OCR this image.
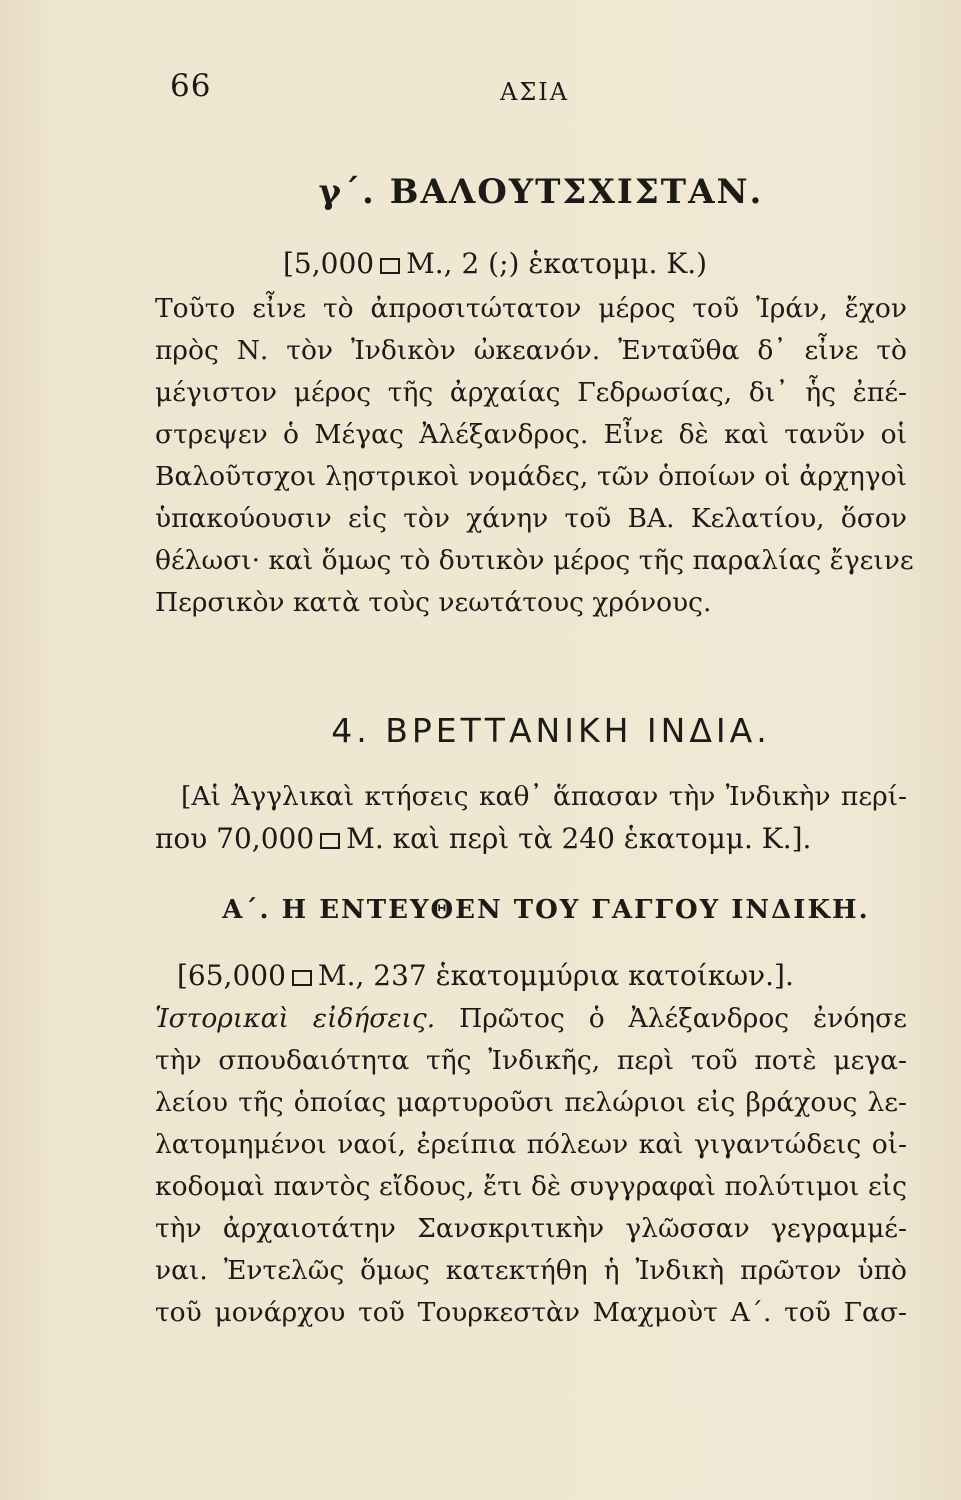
66	ΑΣΙΑ
γ΄. ΒΑΛΟΥΤΣΧΙΣΤΑΝ.
[5,000 Μ., 2 (;) ἑκατομμ. Κ.)
Τοῦτο εἶνε τὸ ἀπροσιτώτατον μέρος τοῦ Ἰράν, ἔχον
πρὸς Ν. τὸν Ἰνδικὸν ὠκεανόν. Ἐνταῦθα δ᾽ εἶνε τὸ
μέγιστον μέρος τῆς ἀρχαίας Γεδρωσίας, δι᾽ ἧς ἐπέ-
στρεψεν ὁ Μέγας Ἀλέξανδρος. Εἶνε δὲ καὶ τανῦν οἱ
Βαλοῦτσχοι λῃστρικοὶ νομάδες, τῶν ὁποίων οἱ ἀρχηγοὶ
ὑπακούουσιν εἰς τὸν χάνην τοῦ ΒΑ. Κελατίου, ὅσον
θέλωσι· καὶ ὅμως τὸ δυτικὸν μέρος τῆς παραλίας ἔγεινε
Περσικὸν κατὰ τοὺς νεωτάτους χρόνους.
4. ΒΡΕΤΤΑΝΙΚΗ ΙΝΔΙΑ.
[Αἱ Ἀγγλικαὶ κτήσεις καθ᾽ ἅπασαν τὴν Ἰνδικὴν περί-
που 70,000 Μ. καὶ περὶ τὰ 240 ἑκατομμ. Κ.].
Α΄. Η ΕΝΤΕΥΘΕΝ ΤΟΥ ΓΑΓΓΟΥ ΙΝΔΙΚΗ.
[65,000 Μ., 237 ἑκατομμύρια κατοίκων.].
Ἱστορικαὶ εἰδήσεις. Πρῶτος ὁ Ἀλέξανδρος ἐνόησε
τὴν σπουδαιότητα τῆς Ἰνδικῆς, περὶ τοῦ ποτὲ μεγα-
λείου τῆς ὁποίας μαρτυροῦσι πελώριοι εἰς βράχους λε-
λατομημένοι ναοί, ἐρείπια πόλεων καὶ γιγαντώδεις οἰ-
κοδομαὶ παντὸς εἴδους, ἔτι δὲ συγγραφαὶ πολύτιμοι εἰς
τὴν ἀρχαιοτάτην Σανσκριτικὴν γλῶσσαν γεγραμμέ-
ναι. Ἐντελῶς ὅμως κατεκτήθη ἡ Ἰνδικὴ πρῶτον ὑπὸ
τοῦ μονάρχου τοῦ Τουρκεστὰν Μαχμοὺτ Α΄. τοῦ Γασ-
